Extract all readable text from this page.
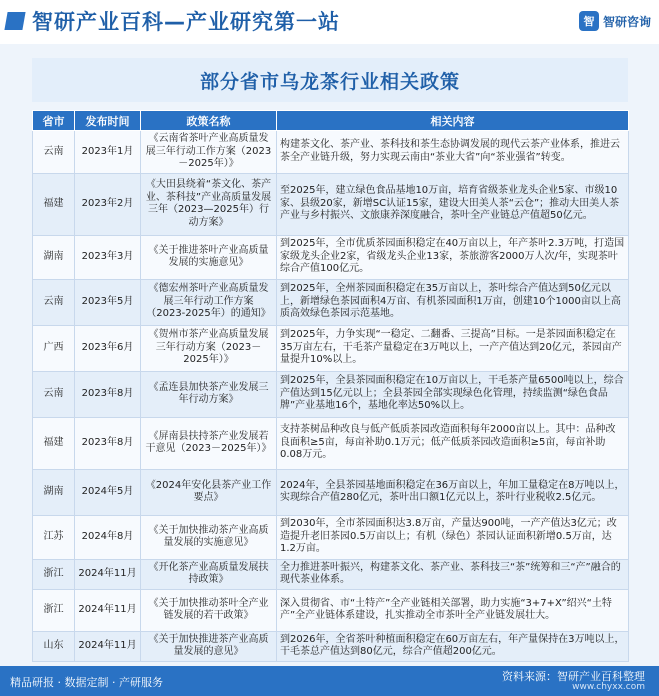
智研产业百科—产业研究第一站	智 智研咨询
部分省市乌龙茶行业相关政策
省市	发布时间	政策名称	相关内容
云南	2023年1月	《云南省茶叶产业高质量发展三年行动工作方案（2023－2025年）》	构建茶文化、茶产业、茶科技和茶生态协调发展的现代云茶产业体系，推进云茶全产业链升级，努力实现云南由“茶业大省”向“茶业强省”转变。
福建	2023年2月	《大田县绕着“茶文化、茶产业、茶科技”产业高质量发展三年（2023—2025年）行动方案》	至2025年，建立绿色食品基地10万亩，培育省级茶业龙头企业5家、市级10家、县级20家，新增SC认证15家，建设大田美人茶“云仓”；推动大田美人茶产业与乡村振兴、文旅康养深度融合，茶叶全产业链总产值超50亿元。
湖南	2023年3月	《关于推进茶叶产业高质量发展的实施意见》	到2025年，全市优质茶园面积稳定在40万亩以上，年产茶叶2.3万吨，打造国家级龙头企业2家，省级龙头企业13家，茶旅游客2000万人次/年，实现茶叶综合产值100亿元。
云南	2023年5月	《德宏州茶叶产业高质量发展三年行动工作方案（2023-2025年）的通知》	到2025年，全州茶园面积稳定在35万亩以上，茶叶综合产值达到50亿元以上，新增绿色茶园面积4万亩、有机茶园面积1万亩，创建10个1000亩以上高质高效绿色茶园示范基地。
广西	2023年6月	《贺州市茶产业高质量发展三年行动方案（2023－2025年）》	到2025年，力争实现“一稳定、二翻番、三提高”目标。一是茶园面积稳定在35万亩左右，干毛茶产量稳定在3万吨以上，一产产值达到20亿元，茶园亩产量提升10%以上。
云南	2023年8月	《孟连县加快茶产业发展三年行动方案》	到2025年，全县茶园面积稳定在10万亩以上，干毛茶产量6500吨以上，综合产值达到15亿元以上；全县茶园全部实现绿色化管理，持续监测“绿色食品牌”产业基地16个，基地化率达50%以上。
福建	2023年8月	《屏南县扶持茶产业发展若干意见（2023－2025年）》	支持茶树品种改良与低产低质茶园改造面积每年2000亩以上。其中：品种改良面积≥5亩，每亩补助0.1万元；低产低质茶园改造面积≥5亩，每亩补助0.08万元。
湖南	2024年5月	《2024年安化县茶产业工作要点》	2024年，全县茶园基地面积稳定在36万亩以上，年加工量稳定在8万吨以上，实现综合产值280亿元，茶叶出口额1亿元以上，茶叶行业税收2.5亿元。
江苏	2024年8月	《关于加快推动茶产业高质量发展的实施意见》	到2030年，全市茶园面积达3.8万亩，产量达900吨，一产产值达3亿元；改造提升老旧茶园0.5万亩以上；有机（绿色）茶园认证面积新增0.5万亩，达1.2万亩。
浙江	2024年11月	《开化茶产业高质量发展扶持政策》	全力推进茶叶振兴，构建茶文化、茶产业、茶科技三“茶”统筹和三“产”融合的现代茶业体系。
浙江	2024年11月	《关于加快推动茶叶全产业链发展的若干政策》	深入贯彻省、市“土特产”全产业链相关部署，助力实施“3+7+X”绍兴“土特产”全产业链体系建设，扎实推动全市茶叶全产业链发展壮大。
山东	2024年11月	《关于加快推进茶产业高质量发展的意见》	到2026年，全省茶叶种植面积稳定在60万亩左右，年产量保持在3万吨以上，干毛茶总产值达到80亿元，综合产值超200亿元。
精品研报 · 数据定制 · 产研服务	资料来源：智研产业百科整理
www.chyxx.com
